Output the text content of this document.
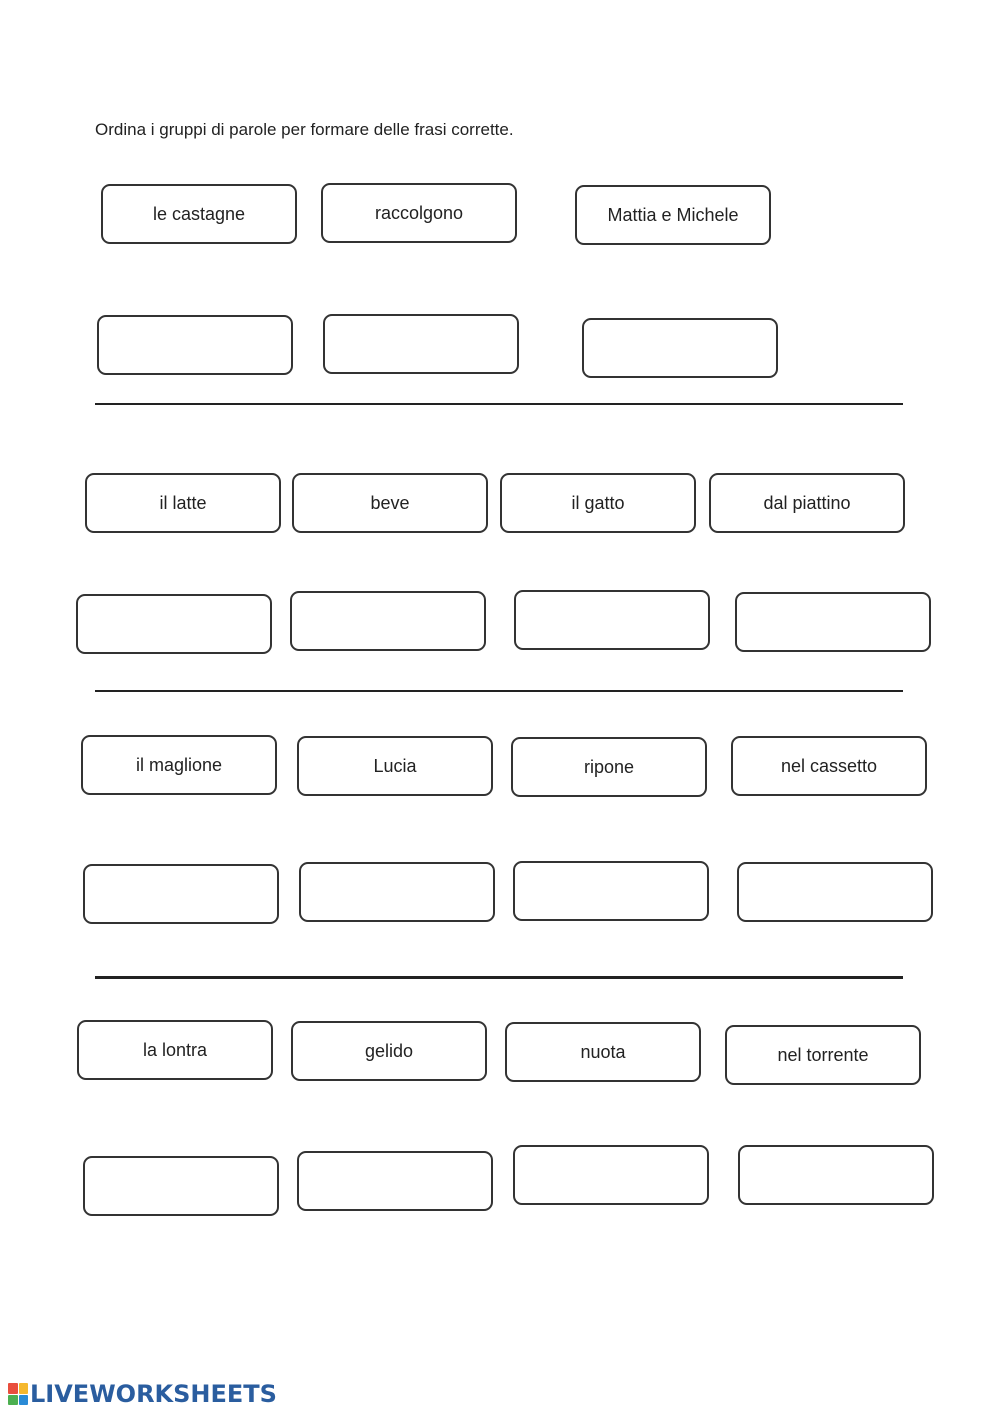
Ordina i gruppi di parole per formare delle frasi corrette.
le castagne	raccolgono	Mattia e Michele
il latte	beve	il gatto	dal piattino
il maglione	Lucia	ripone	nel cassetto
la lontra	gelido	nuota	nel torrente
LIVEWORKSHEETS
